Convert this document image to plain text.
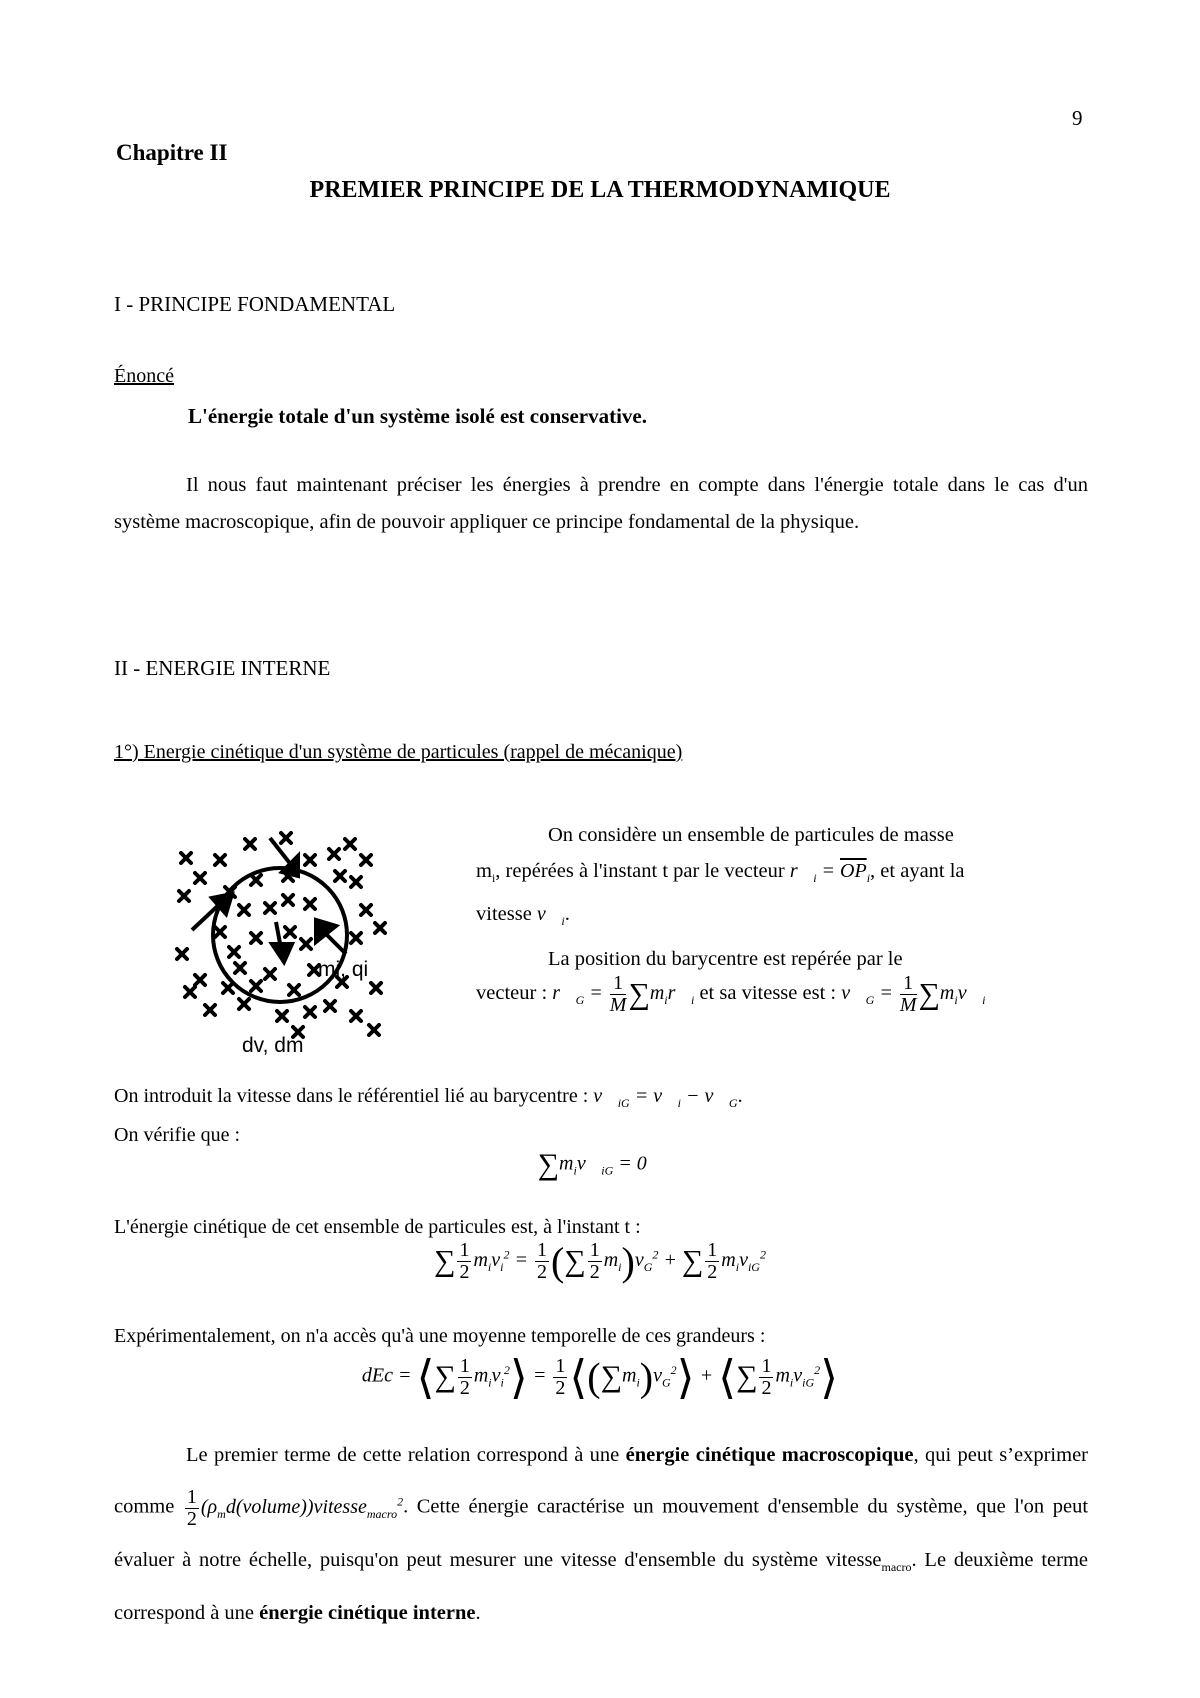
9
Chapitre II
PREMIER PRINCIPE DE LA THERMODYNAMIQUE
I - PRINCIPE FONDAMENTAL
Énoncé
L'énergie totale d'un système isolé est conservative.
Il nous faut maintenant préciser les énergies à prendre en compte dans l'énergie totale dans le cas d'un système macroscopique, afin de pouvoir appliquer ce principe fondamental de la physique.
II - ENERGIE INTERNE
1°) Energie cinétique d'un système de particules (rappel de mécanique)
mi, qi
dv, dm
On considère un ensemble de particules de masse
$m_i$, repérées à l'instant t par le vecteur $r⃗_i = \overline{OP}_i$, et ayant la
vitesse $v⃗_i$.
La position du barycentre est repérée par le
vecteur : $r⃗_G = \frac{1}{M}$ $\sum m_ir⃗_i$ et sa vitesse est : $v⃗_G = \frac{1}{M}$ $\sum m_iv⃗_i$
On introduit la vitesse dans le référentiel lié au barycentre : $v⃗_{iG}$ = $v⃗_i$ − $v⃗_G$.
On vérifie que :
$\sum m_iv⃗_{iG}$ = 0⃗
L'énergie cinétique de cet ensemble de particules est, à l'instant t :
∑ $\frac{1}{2} m_iv_i^2 = \frac{1}{2}$ (∑ $\frac{1}{2} m_i)v_G^2$ + ∑ $\frac{1}{2} m_iv_{iG}^2$
Expérimentalement, on n'a accès qu'à une moyenne temporelle de ces grandeurs :
dEc = ⟨∑ $\frac{1}{2}$ $m_iv_i^2⟩ = \frac{1}{2}$ $⟨(\sum m_i)v_G^2⟩$ + ⟨∑ $\frac{1}{2}$ $m_iv_{iG}^2⟩$
Le premier terme de cette relation correspond à une énergie cinétique macroscopique, qui peut s’exprimer comme $\frac{1}{2}$ $(\rho_md(volume))vitesse_{macro}^2$. Cette énergie caractérise un mouvement d'ensemble du système, que l'on peut évaluer à notre échelle, puisqu'on peut mesurer une vitesse d'ensemble du système vitesse$_{macro}$. Le deuxième terme correspond à une énergie cinétique interne.
